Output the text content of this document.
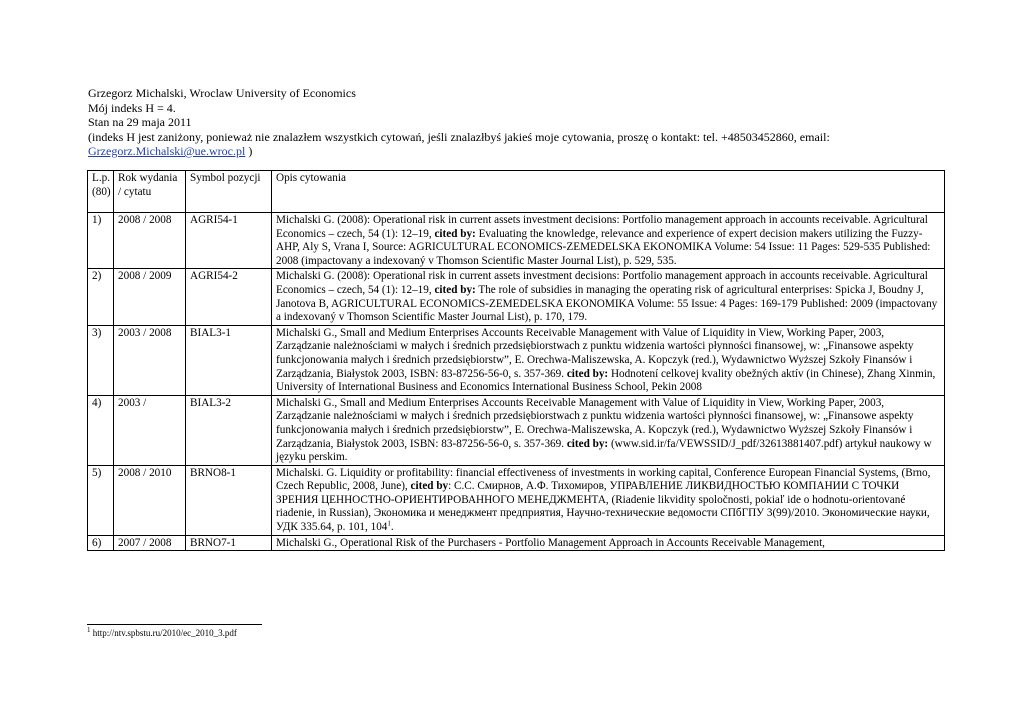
Grzegorz Michalski, Wroclaw University of Economics
Mój indeks H = 4.
Stan na 29 maja 2011
(indeks H jest zaniżony, ponieważ nie znalazłem wszystkich cytowań, jeśli znalazłbyś jakieś moje cytowania, proszę o kontakt: tel. +48503452860, email:
Grzegorz.Michalski@ue.wroc.pl )
L.p. (80)	Rok wydania / cytatu	Symbol pozycji	Opis cytowania
1)	2008 / 2008	AGRI54-1	Michalski G. (2008): Operational risk in current assets investment decisions: Portfolio management approach in accounts receivable. Agricultural Economics – czech, 54 (1): 12–19, cited by: Evaluating the knowledge, relevance and experience of expert decision makers utilizing the Fuzzy-AHP, Aly S, Vrana I, Source: AGRICULTURAL ECONOMICS-ZEMEDELSKA EKONOMIKA Volume: 54 Issue: 11 Pages: 529-535 Published: 2008 (impactovany a indexovaný v Thomson Scientific Master Journal List), p. 529, 535.
2)	2008 / 2009	AGRI54-2	Michalski G. (2008): Operational risk in current assets investment decisions: Portfolio management approach in accounts receivable. Agricultural Economics – czech, 54 (1): 12–19, cited by: The role of subsidies in managing the operating risk of agricultural enterprises: Spicka J, Boudny J, Janotova B, AGRICULTURAL ECONOMICS-ZEMEDELSKA EKONOMIKA Volume: 55 Issue: 4 Pages: 169-179 Published: 2009 (impactovany a indexovaný v Thomson Scientific Master Journal List), p. 170, 179.
3)	2003 / 2008	BIAL3-1	Michalski G., Small and Medium Enterprises Accounts Receivable Management with Value of Liquidity in View, Working Paper, 2003, Zarządzanie należnościami w małych i średnich przedsiębiorstwach z punktu widzenia wartości płynności finansowej, w: „Finansowe aspekty funkcjonowania małych i średnich przedsiębiorstw”, E. Orechwa-Maliszewska, A. Kopczyk (red.), Wydawnictwo Wyższej Szkoły Finansów i Zarządzania, Białystok 2003, ISBN: 83-87256-56-0, s. 357-369. cited by: Hodnotení celkovej kvality obežných aktív (in Chinese), Zhang Xinmin, University of International Business and Economics International Business School, Pekin 2008
4)	2003 /	BIAL3-2	Michalski G., Small and Medium Enterprises Accounts Receivable Management with Value of Liquidity in View, Working Paper, 2003, Zarządzanie należnościami w małych i średnich przedsiębiorstwach z punktu widzenia wartości płynności finansowej, w: „Finansowe aspekty funkcjonowania małych i średnich przedsiębiorstw”, E. Orechwa-Maliszewska, A. Kopczyk (red.), Wydawnictwo Wyższej Szkoły Finansów i Zarządzania, Białystok 2003, ISBN: 83-87256-56-0, s. 357-369. cited by: (www.sid.ir/fa/VEWSSID/J_pdf/32613881407.pdf) artykuł naukowy w języku perskim.
5)	2008 / 2010	BRNO8-1	Michalski. G. Liquidity or profitability: financial effectiveness of investments in working capital, Conference European Financial Systems, (Brno, Czech Republic, 2008, June), cited by: С.С. Смирнов, А.Ф. Тихомиров, УПРАВЛЕНИЕ ЛИКВИДНОСТЬЮ КОМПАНИИ С ТОЧКИ ЗРЕНИЯ ЦЕННОСТНО-ОРИЕНТИРОВАННОГО МЕНЕДЖМЕНТА, (Riadenie likvidity spoločnosti, pokiaľ ide o hodnotu-orientované riadenie, in Russian), Экономика и менеджмент предприятия, Научно-технические ведомости СПбГПУ 3(99)/2010. Экономические науки, УДК 335.64, p. 101, $104^1$.
6)	2007 / 2008	BRNO7-1	Michalski G., Operational Risk of the Purchasers - Portfolio Management Approach in Accounts Receivable Management,
$^1$ http://ntv.spbstu.ru/2010/ec_2010_3.pdf
